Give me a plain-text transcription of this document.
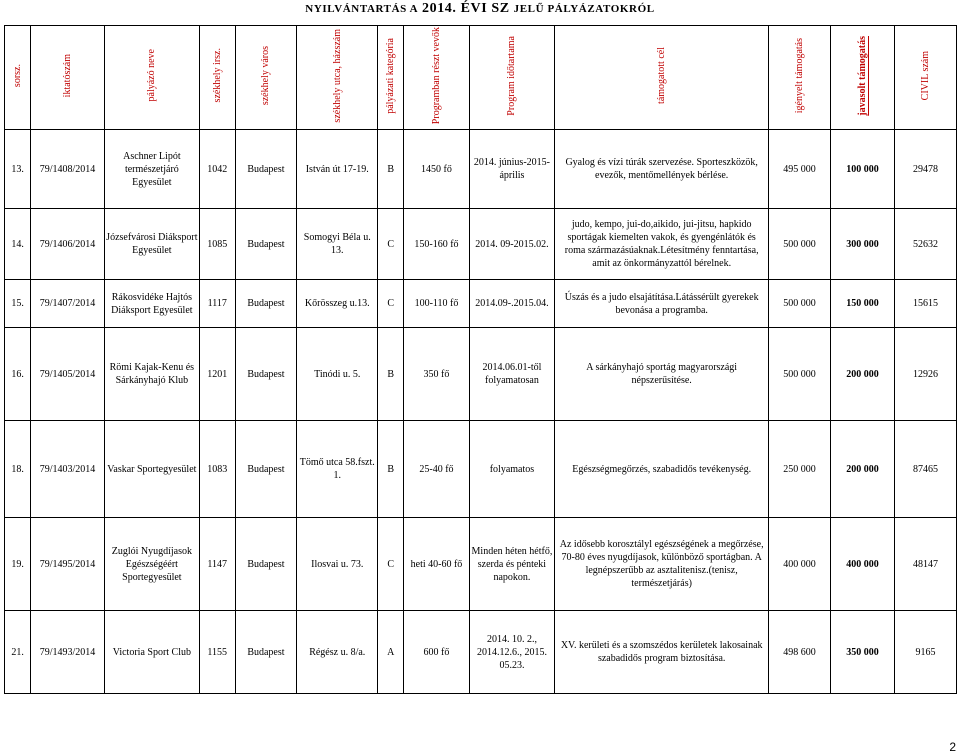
NYILVÁNTARTÁS A 2014. ÉVI SZ JELŰ PÁLYÁZATOKRÓL
sorsz.	iktatószám	pályázó neve	székhely irsz.	székhely város	székhely utca, házszám	pályázati kategória	Programban részt vevők	Program időtartama	támogatott cél	igényelt támogatás	javasolt támogatás	CIVIL szám
13.	79/1408/2014	Aschner Lipót természetjáró Egyesület	1042	Budapest	István út 17-19.	B	1450 fő	2014. június-2015-április	Gyalog és vízi túrák szervezése. Sporteszközök, evezők, mentőmellények bérlése.	495 000	100 000	29478
14.	79/1406/2014	Józsefvárosi Diáksport Egyesület	1085	Budapest	Somogyi Béla u. 13.	C	150-160 fő	2014. 09-2015.02.	judo, kempo, jui-do,aikido, jui-jitsu, hapkido sportágak kiemelten vakok, és gyengénlátók és roma származásúaknak.Létesítmény fenntartása, amit az önkormányzattól bérelnek.	500 000	300 000	52632
15.	79/1407/2014	Rákosvidéke Hajtós Diáksport Egyesület	1117	Budapest	Kőrösszeg u.13.	C	100-110 fő	2014.09-.2015.04.	Úszás és a judo elsajátítása.Látássérült gyerekek bevonása a programba.	500 000	150 000	15615
16.	79/1405/2014	Römi Kajak-Kenu és Sárkányhajó Klub	1201	Budapest	Tinódi u. 5.	B	350 fő	2014.06.01-től folyamatosan	A sárkányhajó sportág magyarországi népszerűsítése.	500 000	200 000	12926
18.	79/1403/2014	Vaskar Sportegyesület	1083	Budapest	Tömő utca 58.fszt. 1.	B	25-40 fő	folyamatos	Egészségmegőrzés, szabadidős tevékenység.	250 000	200 000	87465
19.	79/1495/2014	Zuglói Nyugdíjasok Egészségéért Sportegyesület	1147	Budapest	Ilosvai u. 73.	C	heti 40-60 fő	Minden héten hétfő, szerda és pénteki napokon.	Az idősebb korosztályl egészségének a megőrzése, 70-80 éves nyugdíjasok, különböző sportágban. A legnépszerűbb az asztalitenisz.(tenisz, természetjárás)	400 000	400 000	48147
21.	79/1493/2014	Victoria Sport Club	1155	Budapest	Régész u. 8/a.	A	600 fő	2014. 10. 2., 2014.12.6., 2015. 05.23.	XV. kerületi és a szomszédos kerületek lakosainak szabadidős program biztosítása.	498 600	350 000	9165
2
